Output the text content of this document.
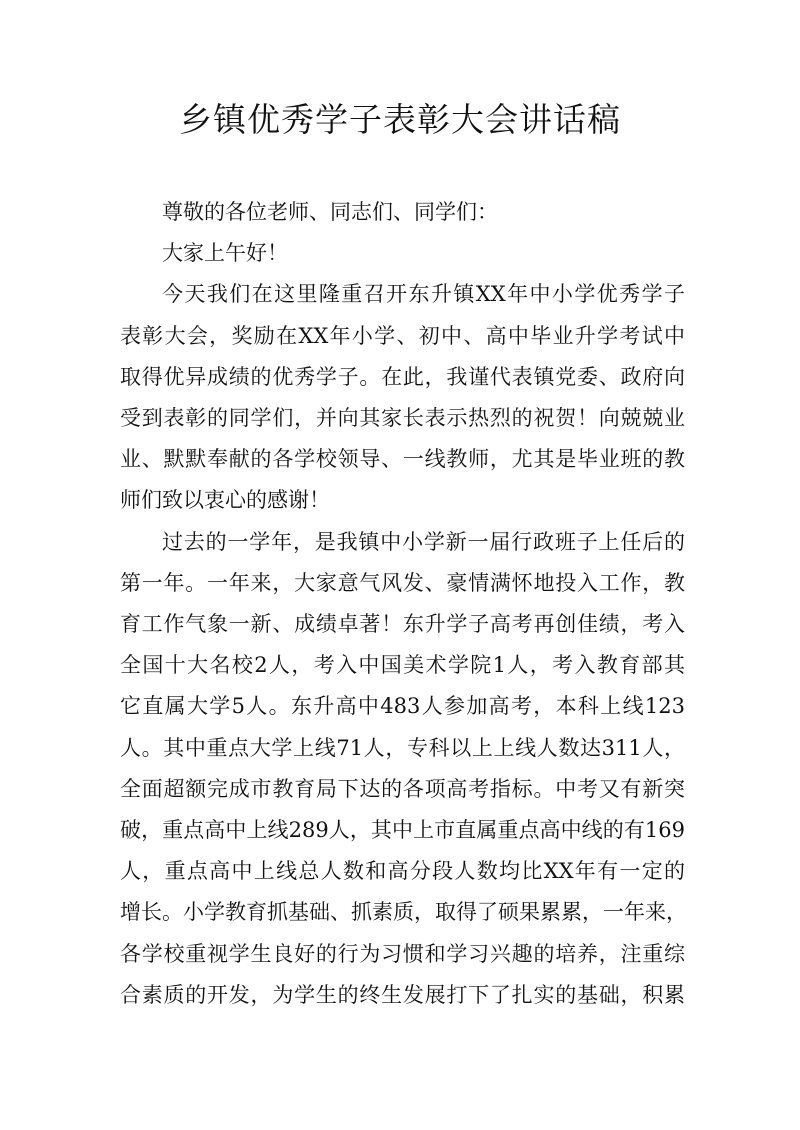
乡镇优秀学子表彰大会讲话稿
尊敬的各位老师、同志们、同学们：
大家上午好！
今天我们在这里隆重召开东升镇XX年中小学优秀学子
表彰大会，奖励在XX年小学、初中、高中毕业升学考试中
取得优异成绩的优秀学子。在此，我谨代表镇党委、政府向
受到表彰的同学们，并向其家长表示热烈的祝贺！向兢兢业
业、默默奉献的各学校领导、一线教师，尤其是毕业班的教
师们致以衷心的感谢！
过去的一学年，是我镇中小学新一届行政班子上任后的
第一年。一年来，大家意气风发、豪情满怀地投入工作，教
育工作气象一新、成绩卓著！东升学子高考再创佳绩，考入
全国十大名校2人，考入中国美术学院1人，考入教育部其
它直属大学5人。东升高中483人参加高考，本科上线123
人。其中重点大学上线71人，专科以上上线人数达311人，
全面超额完成市教育局下达的各项高考指标。中考又有新突
破，重点高中上线289人，其中上市直属重点高中线的有169
人，重点高中上线总人数和高分段人数均比XX年有一定的
增长。小学教育抓基础、抓素质，取得了硕果累累，一年来，
各学校重视学生良好的行为习惯和学习兴趣的培养，注重综
合素质的开发，为学生的终生发展打下了扎实的基础，积累
